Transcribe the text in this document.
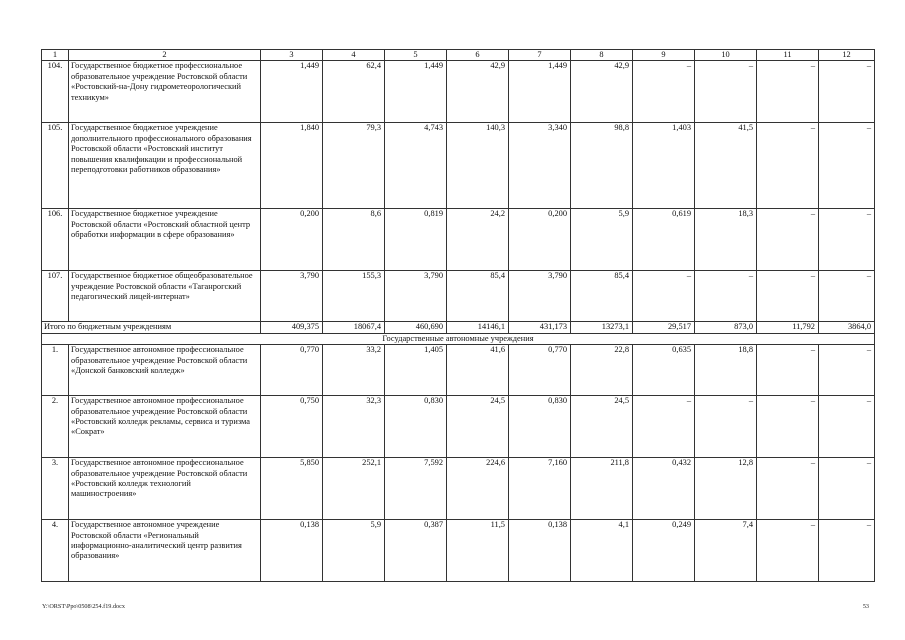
1	2	3	4	5	6	7	8	9	10	11	12
104.	Государственное бюджетное профессиональное образовательное учреждение Ростовской области «Ростовский-на-Дону гидрометеорологический техникум»	1,449	62,4	1,449	42,9	1,449	42,9	–	–	–	–
105.	Государственное бюджетное учреждение дополнительного профессионального образования Ростовской области «Ростовский институт повышения квалификации и профессиональной переподготовки работников образования»	1,840	79,3	4,743	140,3	3,340	98,8	1,403	41,5	–	–
106.	Государственное бюджетное учреждение Ростовской области «Ростовский областной центр обработки информации в сфере образования»	0,200	8,6	0,819	24,2	0,200	5,9	0,619	18,3	–	–
107.	Государственное бюджетное общеобразовательное учреждение Ростовской области «Таганрогский педагогический лицей-интернат»	3,790	155,3	3,790	85,4	3,790	85,4	–	–	–	–
Итого по бюджетным учреждениям		409,375	18067,4	460,690	14146,1	431,173	13273,1	29,517	873,0	11,792	3864,0
Государственные автономные учреждения											
1.	Государственное автономное профессиональное образовательное учреждение Ростовской области «Донской банковский колледж»	0,770	33,2	1,405	41,6	0,770	22,8	0,635	18,8	–	–
2.	Государственное автономное профессиональное образовательное учреждение Ростовской области «Ростовский колледж рекламы, сервиса и туризма «Сократ»	0,750	32,3	0,830	24,5	0,830	24,5	–	–	–	–
3.	Государственное автономное профессиональное образовательное учреждение Ростовской области «Ростовский колледж технологий машиностроения»	5,850	252,1	7,592	224,6	7,160	211,8	0,432	12,8	–	–
4.	Государственное автономное учреждение Ростовской области «Региональный информационно-аналитический центр развития образования»	0,138	5,9	0,387	11,5	0,138	4,1	0,249	7,4	–	–
Y:\ORST\Ppo\0508\254.f19.docx	53
